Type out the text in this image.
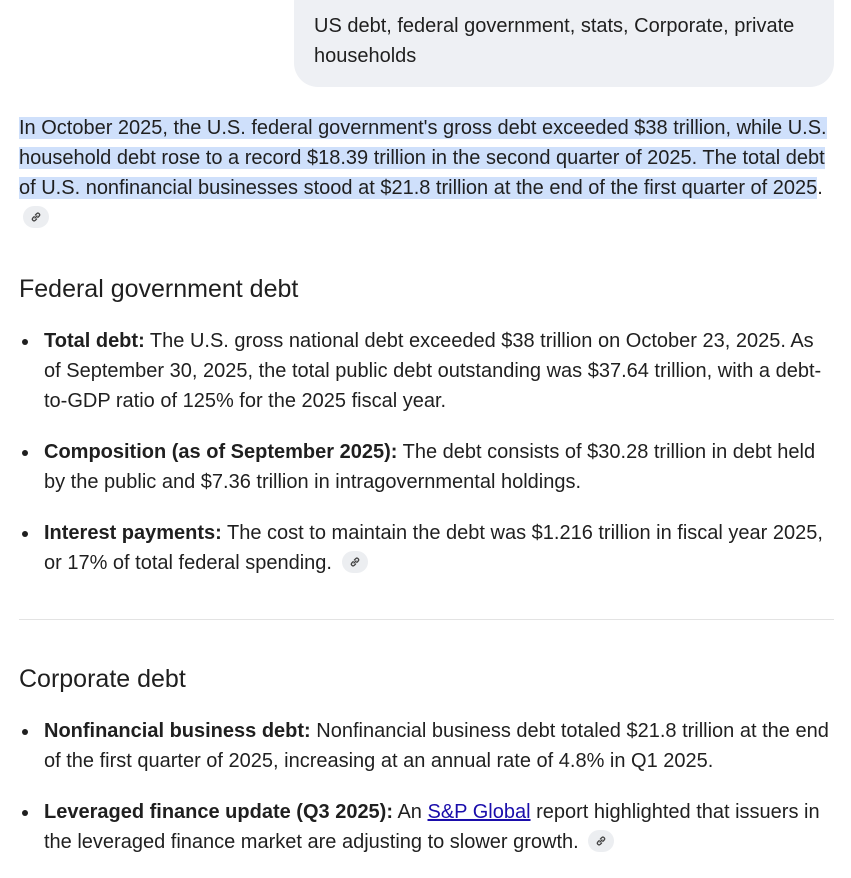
US debt, federal government, stats, Corporate, private households
In October 2025, the U.S. federal government's gross debt exceeded $38 trillion, while U.S. household debt rose to a record $18.39 trillion in the second quarter of 2025. The total debt of U.S. nonfinancial businesses stood at $21.8 trillion at the end of the first quarter of 2025.
Federal government debt
Total debt: The U.S. gross national debt exceeded $38 trillion on October 23, 2025. As of September 30, 2025, the total public debt outstanding was $37.64 trillion, with a debt-to-GDP ratio of 125% for the 2025 fiscal year.
Composition (as of September 2025): The debt consists of $30.28 trillion in debt held by the public and $7.36 trillion in intragovernmental holdings.
Interest payments: The cost to maintain the debt was $1.216 trillion in fiscal year 2025, or 17% of total federal spending.
Corporate debt
Nonfinancial business debt: Nonfinancial business debt totaled $21.8 trillion at the end of the first quarter of 2025, increasing at an annual rate of 4.8% in Q1 2025.
Leveraged finance update (Q3 2025): An S&P Global report highlighted that issuers in the leveraged finance market are adjusting to slower growth.
